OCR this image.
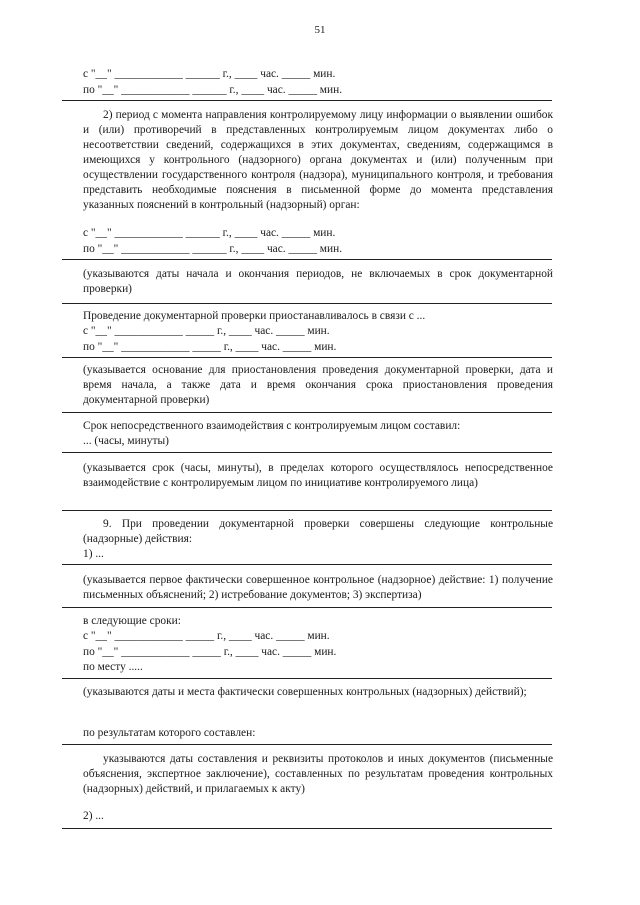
51
с "__" ____________ ______ г., ____ час. _____ мин.
по "__" ____________ ______ г., ____ час. _____ мин.

2) период с момента направления контролируемому лицу информации о выявлении ошибок и (или) противоречий в представленных контролируемым лицом документах либо о несоответствии сведений, содержащихся в этих документах, сведениям, содержащимся в имеющихся у контрольного (надзорного) органа документах и (или) полученным при осуществлении государственного контроля (надзора), муниципального контроля, и требования представить необходимые пояснения в письменной форме до момента представления указанных пояснений в контрольный (надзорный) орган:

с "__" ____________ ______ г., ____ час. _____ мин.
по "__" ____________ ______ г., ____ час. _____ мин.

(указываются даты начала и окончания периодов, не включаемых в срок документарной проверки)

Проведение документарной проверки приостанавливалось в связи с ...

с "__" ____________ _____ г., ____ час. _____ мин.
по "__" ____________ _____ г., ____ час. _____ мин.

(указывается основание для приостановления проведения документарной проверки, дата и время начала, а также дата и время окончания срока приостановления проведения документарной проверки)

Срок непосредственного взаимодействия с контролируемым лицом составил:

... (часы, минуты)

(указывается срок (часы, минуты), в пределах которого осуществлялось непосредственное взаимодействие с контролируемым лицом по инициативе контролируемого лица)

9. При проведении документарной проверки совершены следующие контрольные (надзорные) действия:

1) ...

(указывается первое фактически совершенное контрольное (надзорное) действие: 1) получение письменных объяснений; 2) истребование документов; 3) экспертиза)

в следующие сроки:
с "__" ____________ _____ г., ____ час. _____ мин.
по "__" ____________ _____ г., ____ час. _____ мин.
по месту .....

(указываются даты и места фактически совершенных контрольных (надзорных) действий);

по результатам которого составлен:

указываются даты составления и реквизиты протоколов и иных документов (письменные объяснения, экспертное заключение), составленных по результатам проведения контрольных (надзорных) действий, и прилагаемых к акту)

2) ...
